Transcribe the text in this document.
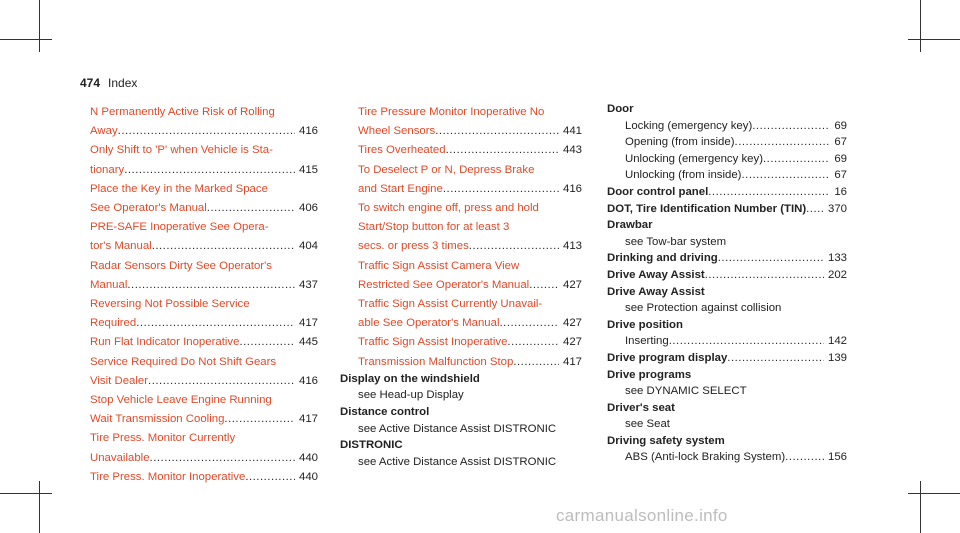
474 Index
N Permanently Active Risk of Rolling
Away .....	416
Only Shift to 'P' when Vehicle is Sta-
tionary .....	415
Place the Key in the Marked Space
See Operator's Manual .....	406
PRE-SAFE Inoperative See Opera-
tor's Manual .....	404
Radar Sensors Dirty See Operator's
Manual .....	437
Reversing Not Possible Service
Required .....	417
Run Flat Indicator Inoperative .....	445
Service Required Do Not Shift Gears
Visit Dealer .....	416
Stop Vehicle Leave Engine Running
Wait Transmission Cooling .....	417
Tire Press. Monitor Currently
Unavailable .....	440
Tire Press. Monitor Inoperative .....	440
Tire Pressure Monitor Inoperative No
Wheel Sensors .....	441
Tires Overheated .....	443
To Deselect P or N, Depress Brake
and Start Engine .....	416
To switch engine off, press and hold
Start/Stop button for at least 3
secs. or press 3 times .....	413
Traffic Sign Assist Camera View
Restricted See Operator's Manual .....	427
Traffic Sign Assist Currently Unavail-
able See Operator's Manual .....	427
Traffic Sign Assist Inoperative .....	427
Transmission Malfunction Stop .....	417
Display on the windshield
see Head-up Display
Distance control
see Active Distance Assist DISTRONIC
DISTRONIC
see Active Distance Assist DISTRONIC
Door
Locking (emergency key) .....	69
Opening (from inside) .....	67
Unlocking (emergency key) .....	69
Unlocking (from inside) .....	67
Door control panel .....	16
DOT, Tire Identification Number (TIN) .....	370
Drawbar
see Tow-bar system
Drinking and driving .....	133
Drive Away Assist .....	202
Drive Away Assist
see Protection against collision
Drive position
Inserting .....	142
Drive program display .....	139
Drive programs
see DYNAMIC SELECT
Driver's seat
see Seat
Driving safety system
ABS (Anti-lock Braking System) .....	156
carmanualsonline.info
